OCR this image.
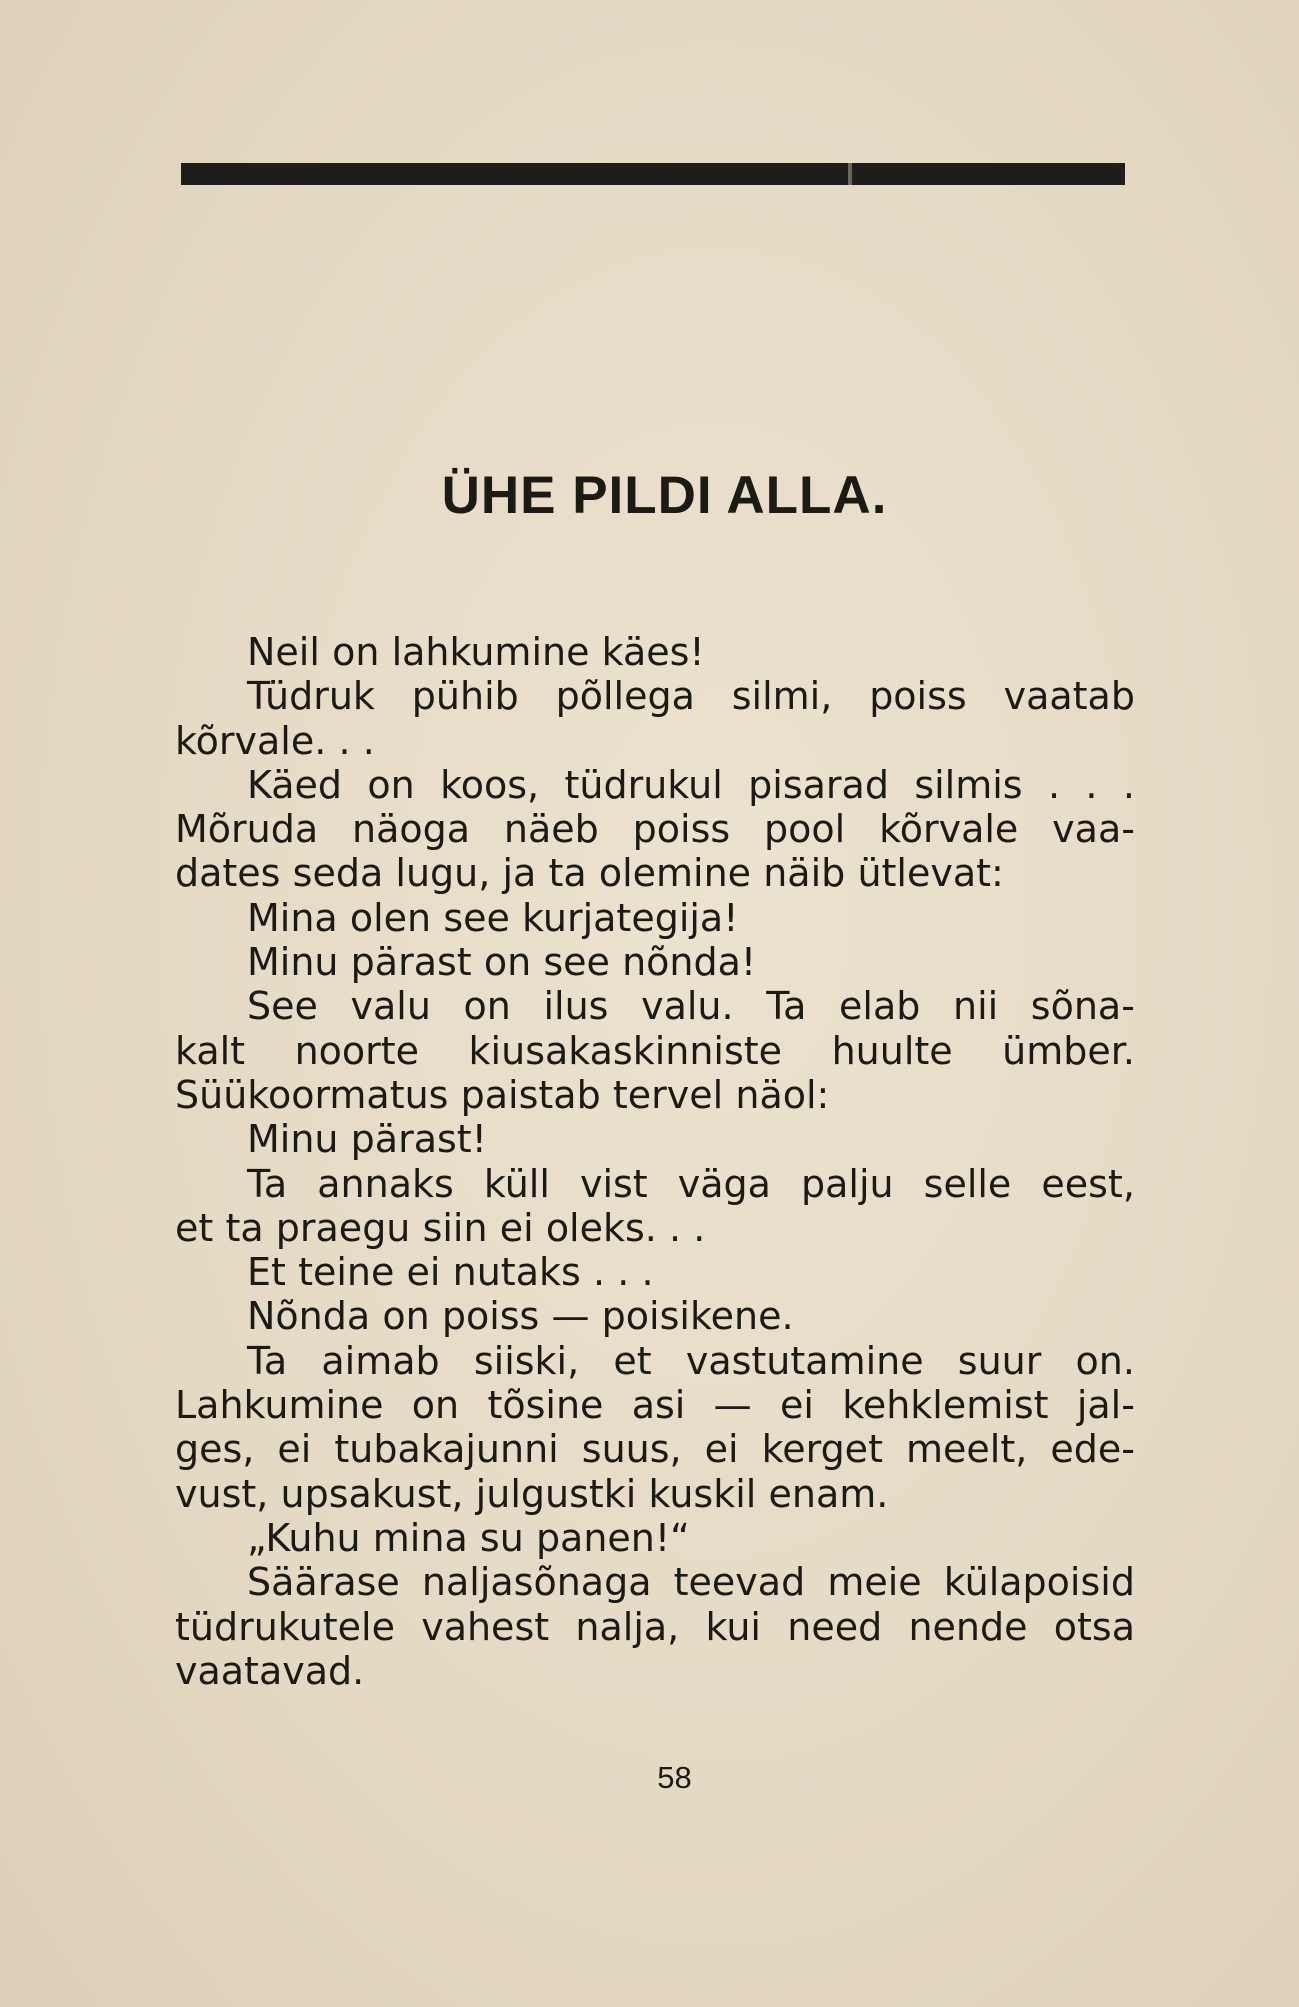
ÜHE PILDI ALLA.
Neil on lahkumine käes!
Tüdruk pühib põllega silmi, poiss vaatab
kõrvale. . .
Käed on koos, tüdrukul pisarad silmis . . .
Mõruda näoga näeb poiss pool kõrvale vaa-
dates seda lugu, ja ta olemine näib ütlevat:
Mina olen see kurjategija!
Minu pärast on see nõnda!
See valu on ilus valu. Ta elab nii sõna-
kalt noorte kiusakaskinniste huulte ümber.
Süükoormatus paistab tervel näol:
Minu pärast!
Ta annaks küll vist väga palju selle eest,
et ta praegu siin ei oleks. . .
Et teine ei nutaks . . .
Nõnda on poiss — poisikene.
Ta aimab siiski, et vastutamine suur on.
Lahkumine on tõsine asi — ei kehklemist jal-
ges, ei tubakajunni suus, ei kerget meelt, ede-
vust, upsakust, julgustki kuskil enam.
„Kuhu mina su panen!“
Säärase naljasõnaga teevad meie külapoisid
tüdrukutele vahest nalja, kui need nende otsa
vaatavad.
58
